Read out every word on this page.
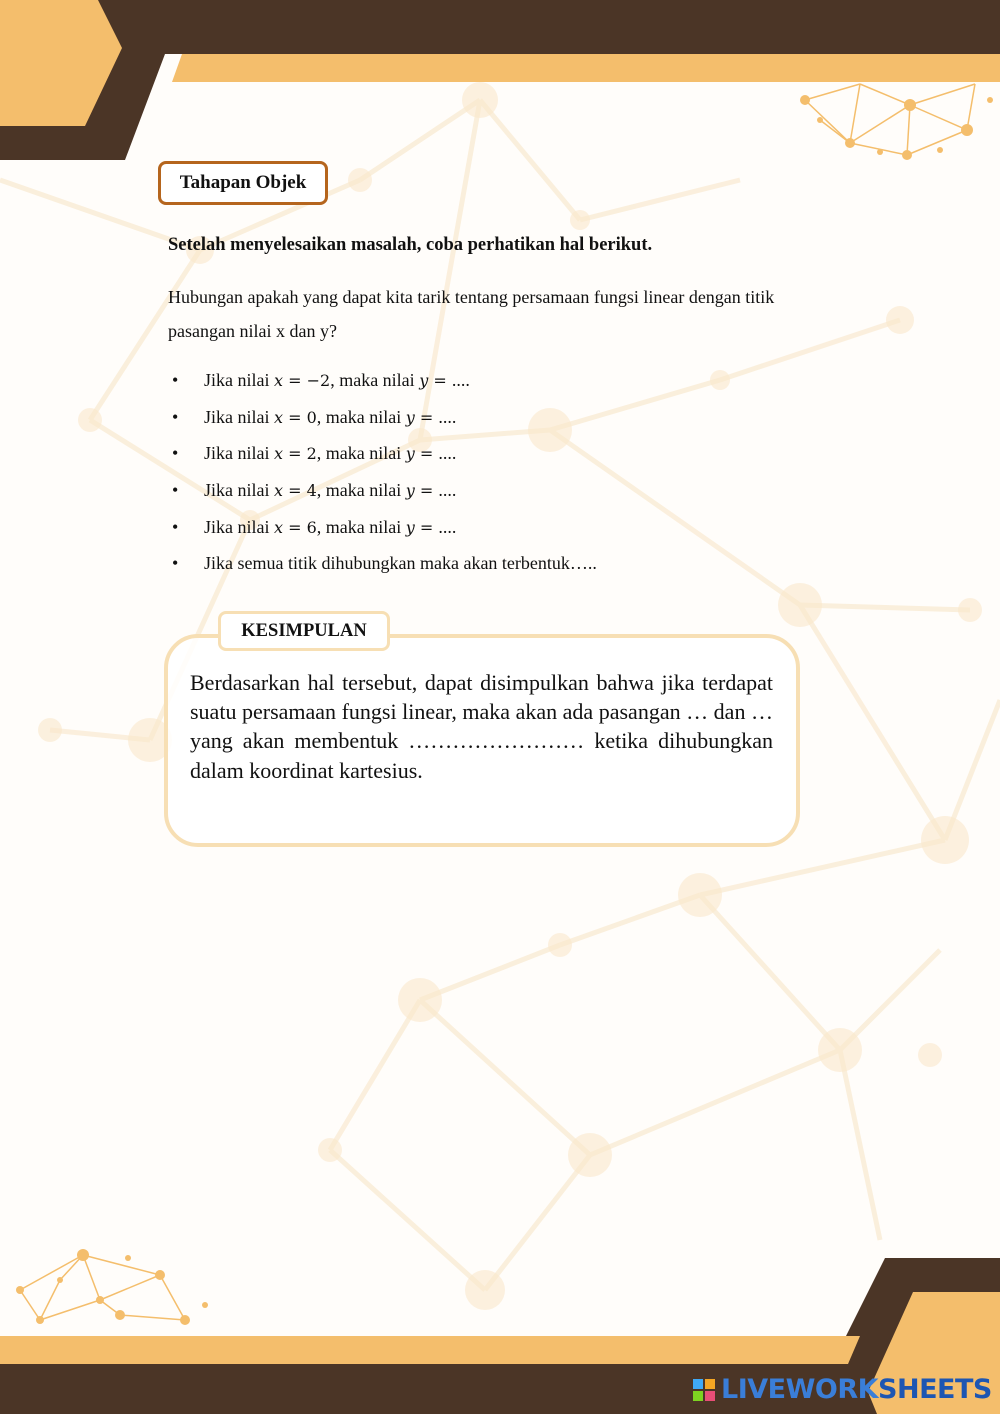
Tahapan Objek
Setelah menyelesaikan masalah, coba perhatikan hal berikut.
Hubungan apakah yang dapat kita tarik tentang persamaan fungsi linear dengan titik pasangan nilai x dan y?
• Jika nilai 𝑥 = −2, maka nilai 𝑦 = ....
• Jika nilai 𝑥 = 0, maka nilai 𝑦 = ....
• Jika nilai 𝑥 = 2, maka nilai 𝑦 = ....
• Jika nilai 𝑥 = 4, maka nilai 𝑦 = ....
• Jika nilai 𝑥 = 6, maka nilai 𝑦 = ....
• Jika semua titik dihubungkan maka akan terbentuk…..
KESIMPULAN
Berdasarkan hal tersebut, dapat disimpulkan bahwa jika terdapat suatu persamaan fungsi linear, maka akan ada pasangan … dan … yang akan membentuk …………………… ketika dihubungkan dalam koordinat kartesius.
LIVEWORKSHEETS
